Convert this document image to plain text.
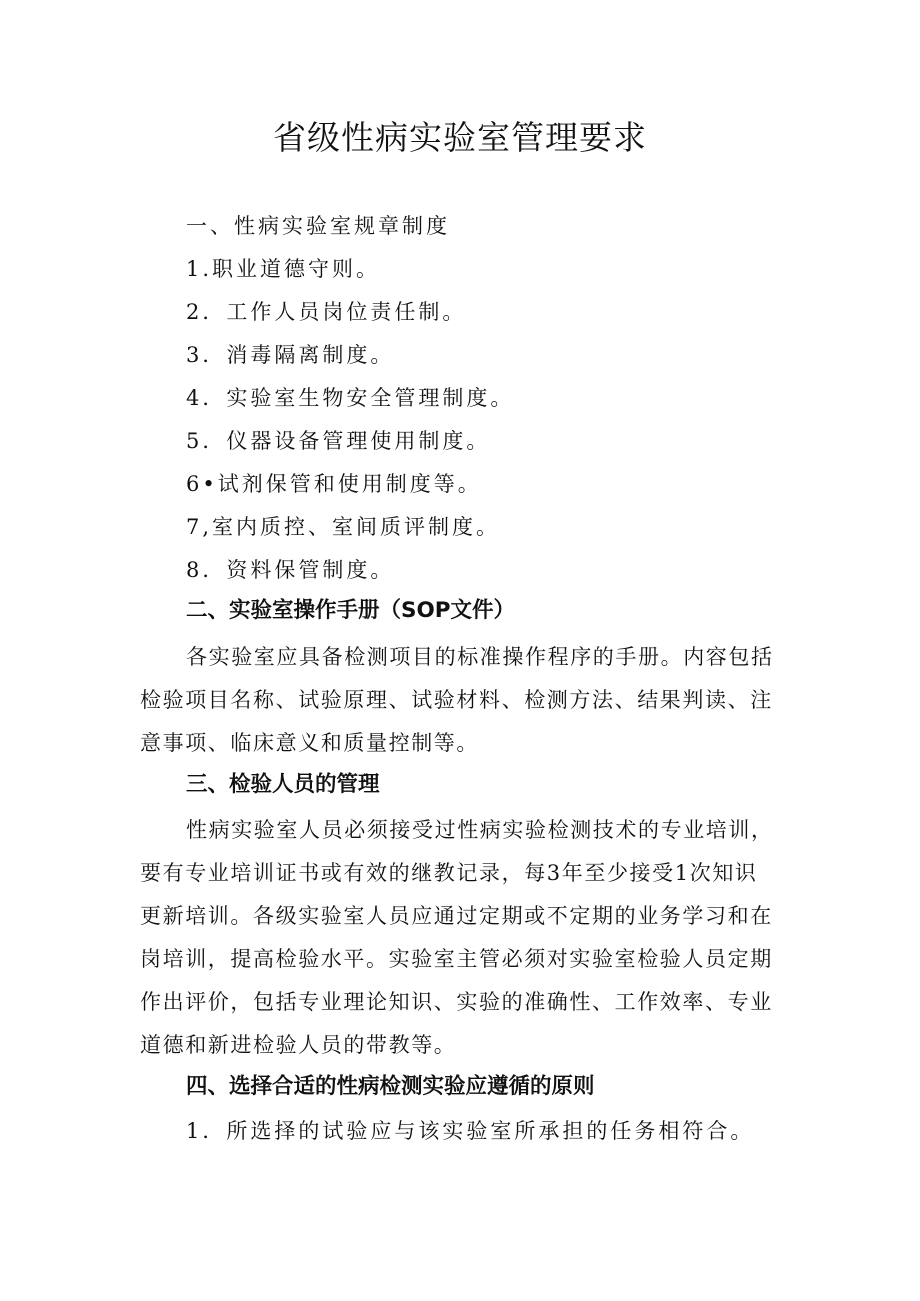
省级性病实验室管理要求
一、性病实验室规章制度
1.职业道德守则。
2．工作人员岗位责任制。
3．消毒隔离制度。
4．实验室生物安全管理制度。
5．仪器设备管理使用制度。
6•试剂保管和使用制度等。
7,室内质控、室间质评制度。
8．资料保管制度。
二、实验室操作手册（SOP文件）
各实验室应具备检测项目的标准操作程序的手册。内容包括
检验项目名称、试验原理、试验材料、检测方法、结果判读、注
意事项、临床意义和质量控制等。
三、检验人员的管理
性病实验室人员必须接受过性病实验检测技术的专业培训，
要有专业培训证书或有效的继教记录，每3年至少接受1次知识
更新培训。各级实验室人员应通过定期或不定期的业务学习和在
岗培训，提高检验水平。实验室主管必须对实验室检验人员定期
作出评价，包括专业理论知识、实验的准确性、工作效率、专业
道德和新进检验人员的带教等。
四、选择合适的性病检测实验应遵循的原则
1．所选择的试验应与该实验室所承担的任务相符合。
